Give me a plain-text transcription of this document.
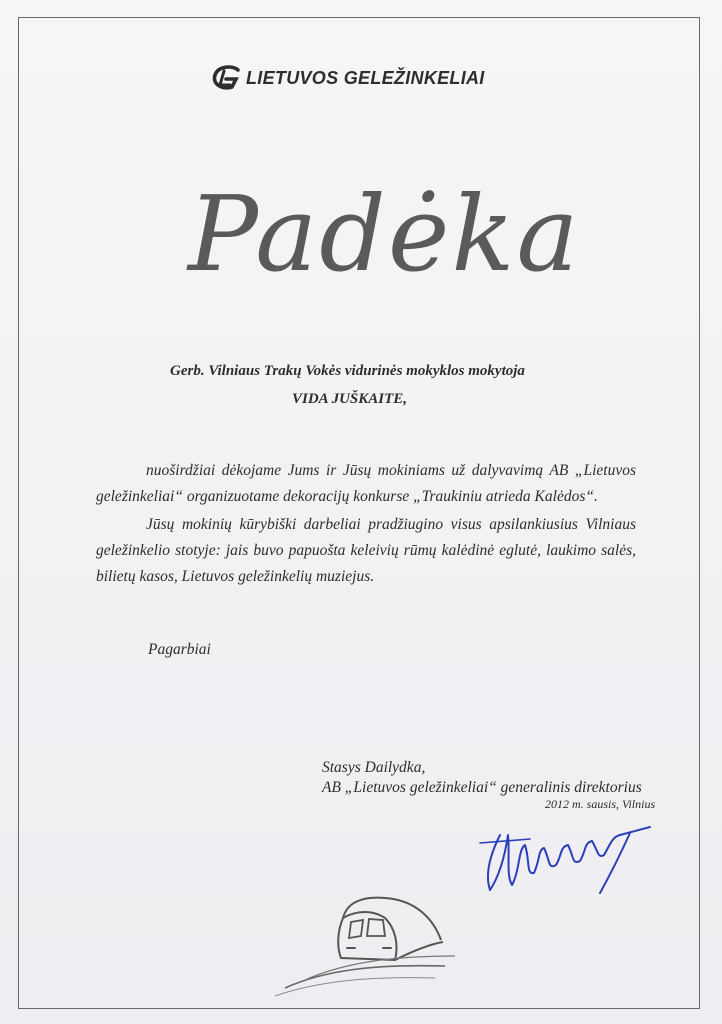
LIETUVOS GELEŽINKELIAI
Padėka

Gerb. Vilniaus Trakų Vokės vidurinės mokyklos mokytoja

VIDA JUŠKAITE,

nuoširdžiai dėkojame Jums ir Jūsų mokiniams už dalyvavimą AB „Lietuvos geležinkeliai“ organizuotame dekoracijų konkurse „Traukiniu atrieda Kalėdos“.

Jūsų mokinių kūrybiški darbeliai pradžiugino visus apsilankiusius Vilniaus geležinkelio stotyje: jais buvo papuošta keleivių rūmų kalėdinė eglutė, laukimo salės, bilietų kasos, Lietuvos geležinkelių muziejus.

Pagarbiai

Stasys Dailydka,

AB „Lietuvos geležinkeliai“ generalinis direktorius

2012 m. sausis, Vilnius
